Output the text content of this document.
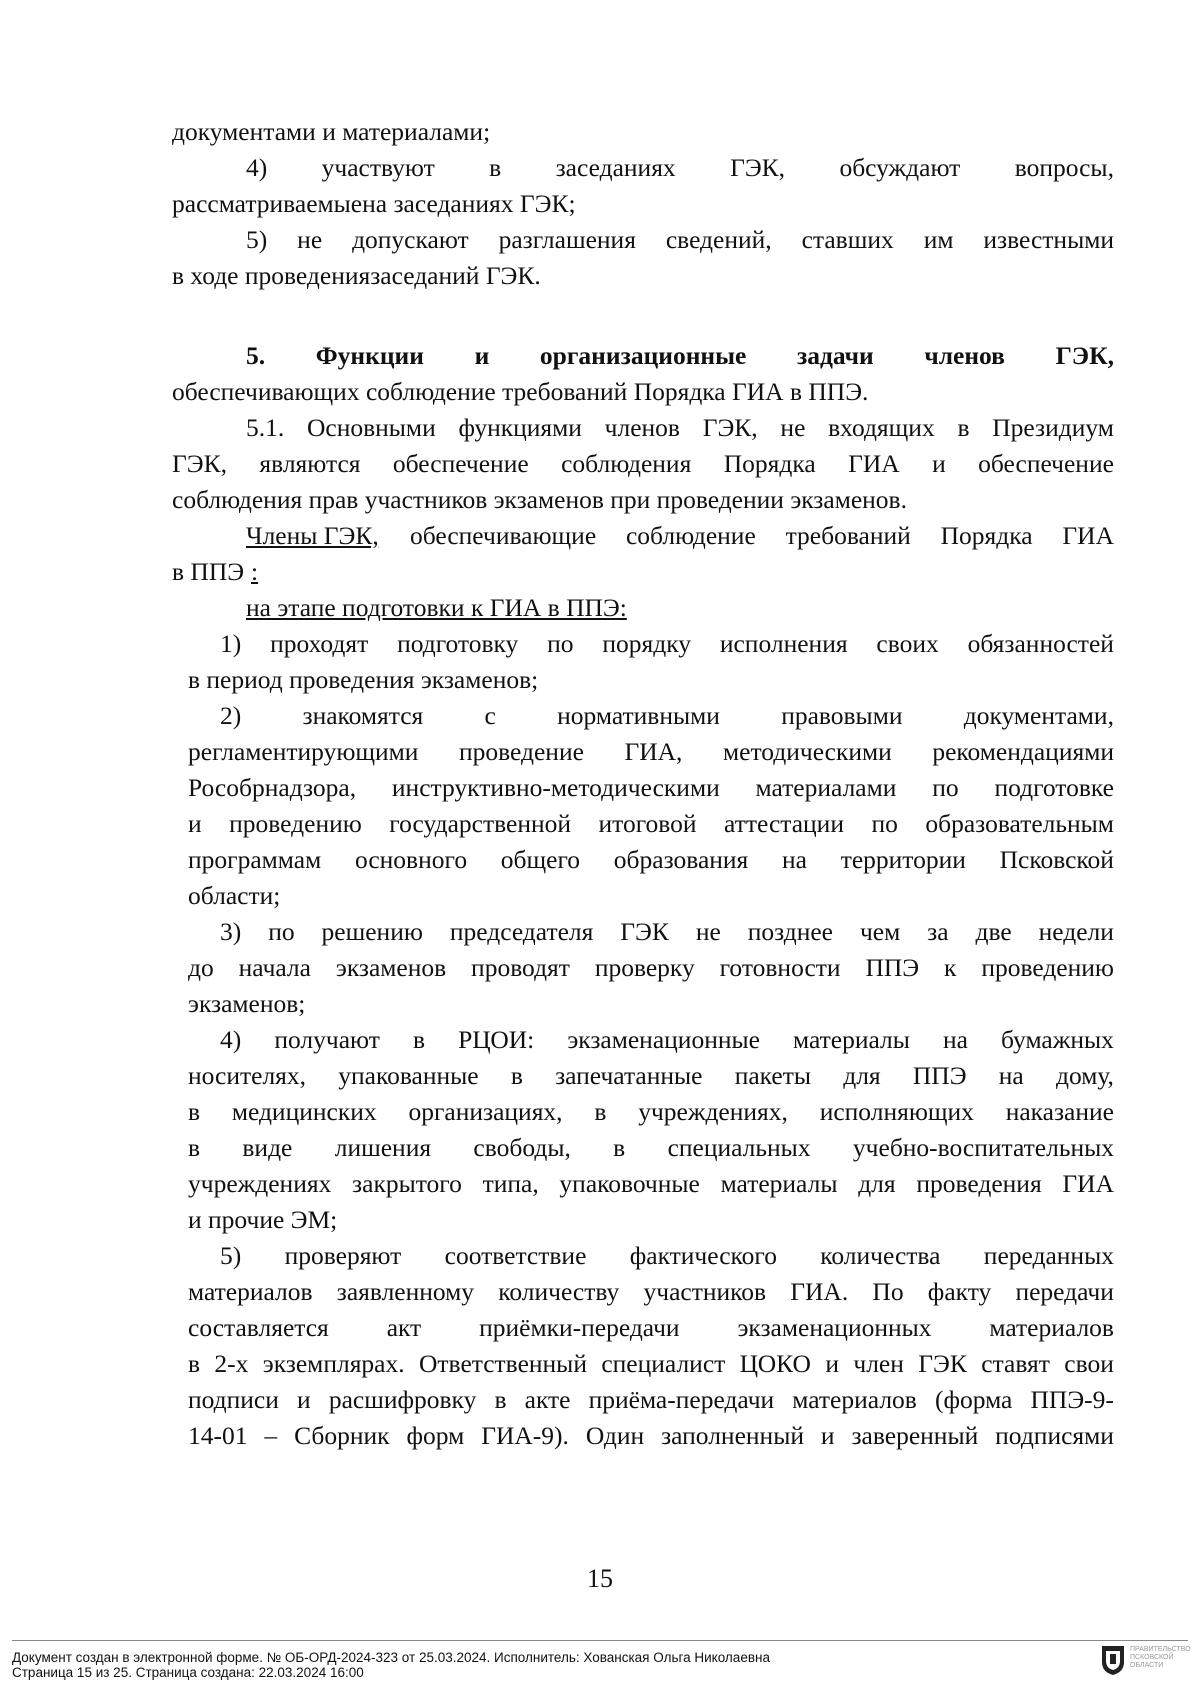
документами и материалами;
4) участвуют в заседаниях ГЭК, обсуждают вопросы,
рассматриваемыена заседаниях ГЭК;
5) не допускают разглашения сведений, ставших им известными
в ходе проведениязаседаний ГЭК.
5. Функции и организационные задачи членов ГЭК,
обеспечивающих соблюдение требований Порядка ГИА в ППЭ.
5.1. Основными функциями членов ГЭК, не входящих в Президиум
ГЭК, являются обеспечение соблюдения Порядка ГИА и обеспечение
соблюдения прав участников экзаменов при проведении экзаменов.
Члены ГЭК, обеспечивающие соблюдение требований Порядка ГИА
в ППЭ :
на этапе подготовки к ГИА в ППЭ:
1) проходят подготовку по порядку исполнения своих обязанностей
в период проведения экзаменов;
2) знакомятся с нормативными правовыми документами,
регламентирующими проведение ГИА, методическими рекомендациями
Рособрнадзора, инструктивно-методическими материалами по подготовке
и проведению государственной итоговой аттестации по образовательным
программам основного общего образования на территории Псковской
области;
3) по решению председателя ГЭК не позднее чем за две недели
до начала экзаменов проводят проверку готовности ППЭ к проведению
экзаменов;
4) получают в РЦОИ: экзаменационные материалы на бумажных
носителях, упакованные в запечатанные пакеты для ППЭ на дому,
в медицинских организациях, в учреждениях, исполняющих наказание
в виде лишения свободы, в специальных учебно-воспитательных
учреждениях закрытого типа, упаковочные материалы для проведения ГИА
и прочие ЭМ;
5) проверяют соответствие фактического количества переданных
материалов заявленному количеству участников ГИА. По факту передачи
составляется акт приёмки-передачи экзаменационных материалов
в 2-х экземплярах. Ответственный специалист ЦОКО и член ГЭК ставят свои
подписи и расшифровку в акте приёма-передачи материалов (форма ППЭ-9-
14-01 – Сборник форм ГИА-9). Один заполненный и заверенный подписями
15
Документ создан в электронной форме. № ОБ-ОРД-2024-323 от 25.03.2024. Исполнитель: Хованская Ольга Николаевна
Страница 15 из 25. Страница создана: 22.03.2024 16:00
ПРАВИТЕЛЬСТВО ПСКОВСКОЙ ОБЛАСТИ
